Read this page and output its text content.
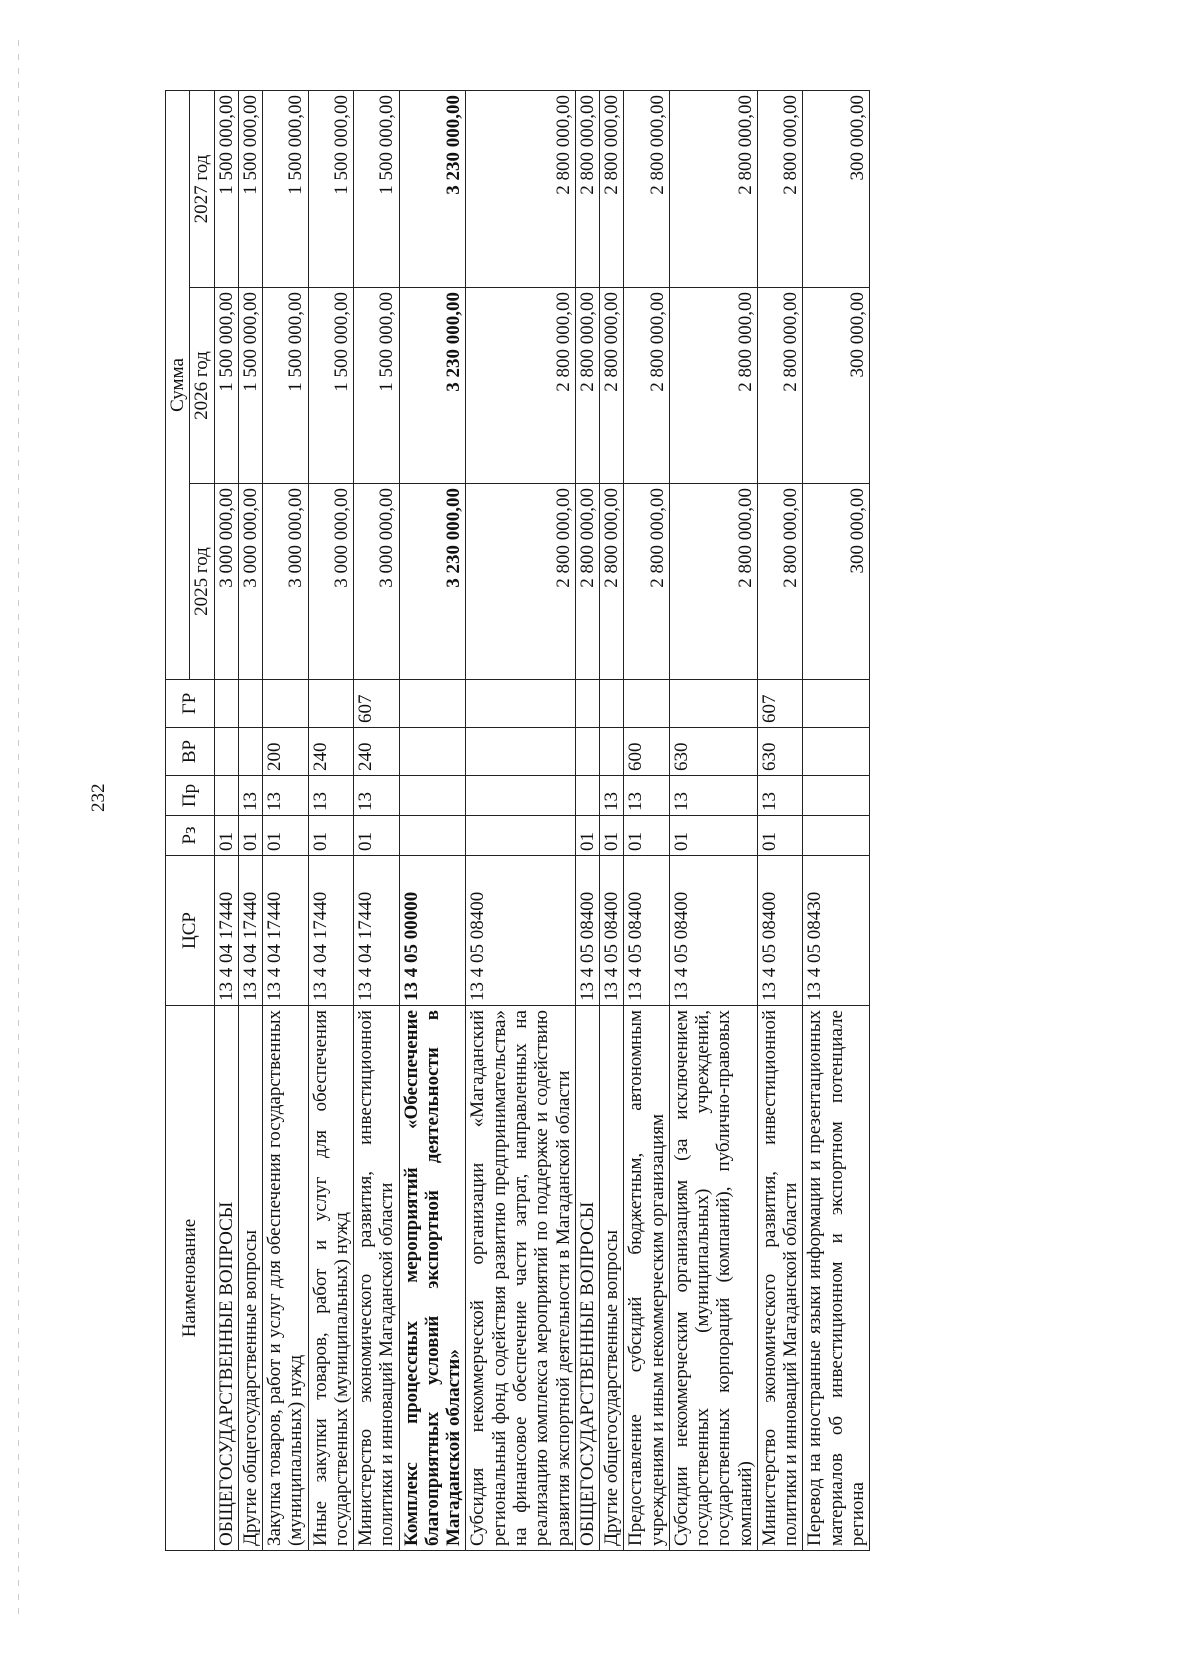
232
Наименование	ЦСР	Рз	Пр	ВР	ГР	Сумма		
						2025 год	2026 год	2027 год
ОБЩЕГОСУДАРСТВЕННЫЕ ВОПРОСЫ	13 4 04 17440	01				3 000 000,00	1 500 000,00	1 500 000,00
Другие общегосударственные вопросы	13 4 04 17440	01	13			3 000 000,00	1 500 000,00	1 500 000,00
Закупка товаров, работ и услуг для обеспечения государственных (муниципальных) нужд	13 4 04 17440	01	13	200		3 000 000,00	1 500 000,00	1 500 000,00
Иные закупки товаров, работ и услуг для обеспечения государственных (муниципальных) нужд	13 4 04 17440	01	13	240		3 000 000,00	1 500 000,00	1 500 000,00
Министерство экономического развития, инвестиционной политики и инноваций Магаданской области	13 4 04 17440	01	13	240	607	3 000 000,00	1 500 000,00	1 500 000,00
Комплекс процессных мероприятий «Обеспечение благоприятных условий экспортной деятельности в Магаданской области»	13 4 05 00000					3 230 000,00	3 230 000,00	3 230 000,00
Субсидия некоммерческой организации «Магаданский региональный фонд содействия развитию предпринимательства» на финансовое обеспечение части затрат, направленных на реализацию комплекса мероприятий по поддержке и содействию развития экспортной деятельности в Магаданской области	13 4 05 08400					2 800 000,00	2 800 000,00	2 800 000,00
ОБЩЕГОСУДАРСТВЕННЫЕ ВОПРОСЫ	13 4 05 08400	01				2 800 000,00	2 800 000,00	2 800 000,00
Другие общегосударственные вопросы	13 4 05 08400	01	13			2 800 000,00	2 800 000,00	2 800 000,00
Предоставление субсидий бюджетным, автономным учреждениям и иным некоммерческим организациям	13 4 05 08400	01	13	600		2 800 000,00	2 800 000,00	2 800 000,00
Субсидии некоммерческим организациям (за исключением государственных (муниципальных) учреждений, государственных корпораций (компаний), публично-правовых компаний)	13 4 05 08400	01	13	630		2 800 000,00	2 800 000,00	2 800 000,00
Министерство экономического развития, инвестиционной политики и инноваций Магаданской области	13 4 05 08400	01	13	630	607	2 800 000,00	2 800 000,00	2 800 000,00
Перевод на иностранные языки информации и презентационных материалов об инвестиционном и экспортном потенциале региона	13 4 05 08430					300 000,00	300 000,00	300 000,00
